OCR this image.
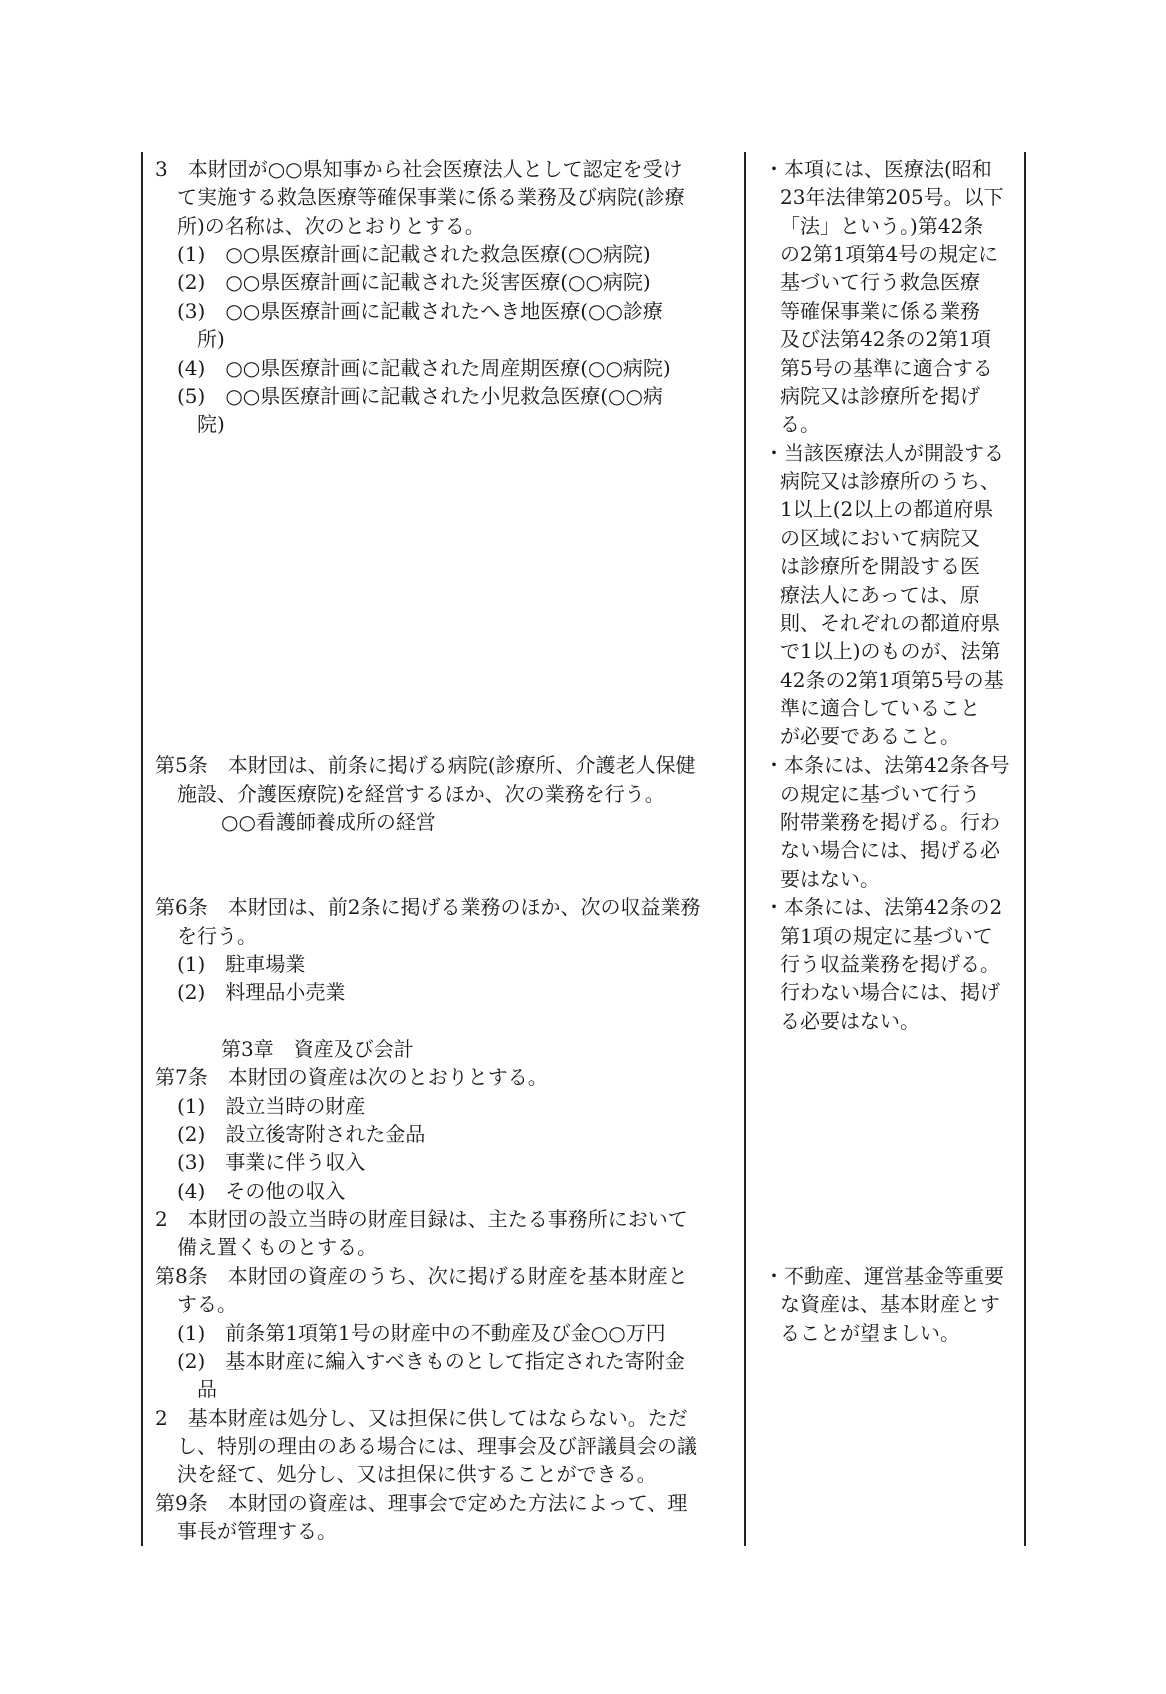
3　本財団が○○県知事から社会医療法人として認定を受け
て実施する救急医療等確保事業に係る業務及び病院(診療
所)の名称は、次のとおりとする。
(1)　○○県医療計画に記載された救急医療(○○病院)
(2)　○○県医療計画に記載された災害医療(○○病院)
(3)　○○県医療計画に記載されたへき地医療(○○診療
所)
(4)　○○県医療計画に記載された周産期医療(○○病院)
(5)　○○県医療計画に記載された小児救急医療(○○病
院)
第5条　本財団は、前条に掲げる病院(診療所、介護老人保健
施設、介護医療院)を経営するほか、次の業務を行う。
○○看護師養成所の経営
第6条　本財団は、前2条に掲げる業務のほか、次の収益業務
を行う。
(1)　駐車場業
(2)　料理品小売業
第3章　資産及び会計
第7条　本財団の資産は次のとおりとする。
(1)　設立当時の財産
(2)　設立後寄附された金品
(3)　事業に伴う収入
(4)　その他の収入
2　本財団の設立当時の財産目録は、主たる事務所において
備え置くものとする。
第8条　本財団の資産のうち、次に掲げる財産を基本財産と
する。
(1)　前条第1項第1号の財産中の不動産及び金○○万円
(2)　基本財産に編入すべきものとして指定された寄附金
品
2　基本財産は処分し、又は担保に供してはならない。ただ
し、特別の理由のある場合には、理事会及び評議員会の議
決を経て、処分し、又は担保に供することができる。
第9条　本財団の資産は、理事会で定めた方法によって、理
事長が管理する。
・本項には、医療法(昭和
23年法律第205号。以下
「法」という。)第42条
の2第1項第4号の規定に
基づいて行う救急医療
等確保事業に係る業務
及び法第42条の2第1項
第5号の基準に適合する
病院又は診療所を掲げ
る。
・当該医療法人が開設する
病院又は診療所のうち、
1以上(2以上の都道府県
の区域において病院又
は診療所を開設する医
療法人にあっては、原
則、それぞれの都道府県
で1以上)のものが、法第
42条の2第1項第5号の基
準に適合していること
が必要であること。
・本条には、法第42条各号
の規定に基づいて行う
附帯業務を掲げる。行わ
ない場合には、掲げる必
要はない。
・本条には、法第42条の2
第1項の規定に基づいて
行う収益業務を掲げる。
行わない場合には、掲げ
る必要はない。
・不動産、運営基金等重要
な資産は、基本財産とす
ることが望ましい。
